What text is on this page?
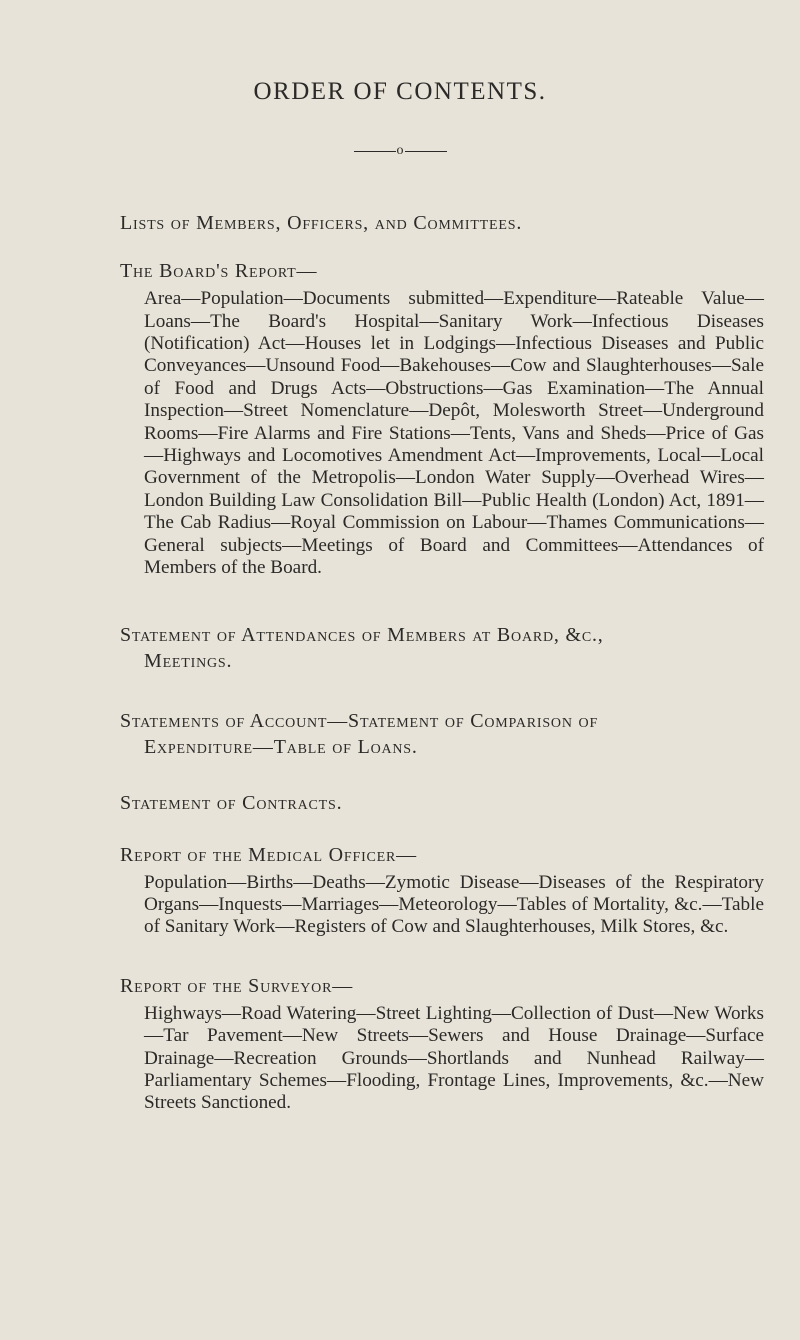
ORDER OF CONTENTS.
o

Lists of Members, Officers, and Committees.

The Board's Report—

Area—Population—Documents submitted—Expenditure—Rateable Value—Loans—The Board's Hospital—Sanitary Work—Infectious Diseases (Notification) Act—Houses let in Lodgings—Infectious Diseases and Public Conveyances—Unsound Food—Bakehouses—Cow and Slaughterhouses—Sale of Food and Drugs Acts—Obstructions—Gas Examination—The Annual Inspection—Street Nomenclature—Depôt, Molesworth Street—Underground Rooms—Fire Alarms and Fire Stations—Tents, Vans and Sheds—Price of Gas—Highways and Locomotives Amendment Act—Improvements, Local—Local Government of the Metropolis—London Water Supply—Overhead Wires—London Building Law Consolidation Bill—Public Health (London) Act, 1891—The Cab Radius—Royal Commission on Labour—Thames Communications—General subjects—Meetings of Board and Committees—Attendances of Members of the Board.

Statement of Attendances of Members at Board, &c.,
Meetings.

Statements of Account—Statement of Comparison of
Expenditure—Table of Loans.

Statement of Contracts.

Report of the Medical Officer—

Population—Births—Deaths—Zymotic Disease—Diseases of the Respiratory Organs—Inquests—Marriages—Meteorology—Tables of Mortality, &c.—Table of Sanitary Work—Registers of Cow and Slaughterhouses, Milk Stores, &c.

Report of the Surveyor—

Highways—Road Watering—Street Lighting—Collection of Dust—New Works—Tar Pavement—New Streets—Sewers and House Drainage—Surface Drainage—Recreation Grounds—Shortlands and Nunhead Railway—Parliamentary Schemes—Flooding, Frontage Lines, Improvements, &c.—New Streets Sanctioned.
